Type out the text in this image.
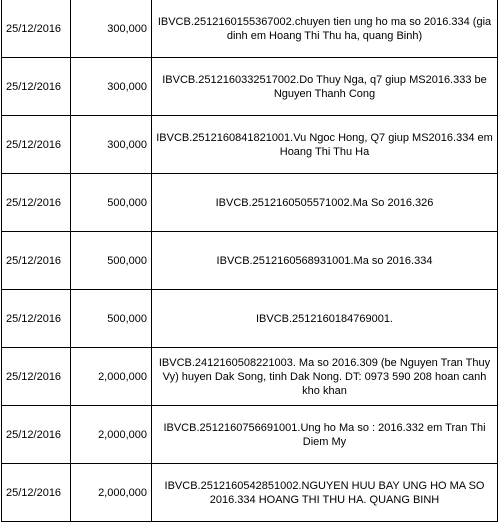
25/12/2016	300,000	IBVCB.2512160155367002.chuyen tien ung ho ma so 2016.334 (gia dinh em Hoang Thi Thu ha, quang Binh)
25/12/2016	300,000	IBVCB.2512160332517002.Do Thuy Nga, q7 giup MS2016.333 be Nguyen Thanh Cong
25/12/2016	300,000	IBVCB.2512160841821001.Vu Ngoc Hong, Q7 giup MS2016.334 em Hoang Thi Thu Ha
25/12/2016	500,000	IBVCB.2512160505571002.Ma So 2016.326
25/12/2016	500,000	IBVCB.2512160568931001.Ma so 2016.334
25/12/2016	500,000	IBVCB.2512160184769001.
25/12/2016	2,000,000	IBVCB.2412160508221003. Ma so 2016.309 (be Nguyen Tran Thuy Vy) huyen Dak Song, tinh Dak Nong. DT: 0973 590 208 hoan canh kho khan
25/12/2016	2,000,000	IBVCB.2512160756691001.Ung ho Ma so : 2016.332 em Tran Thi Diem My
25/12/2016	2,000,000	IBVCB.2512160542851002.NGUYEN HUU BAY UNG HO MA SO 2016.334 HOANG THI THU HA. QUANG BINH
